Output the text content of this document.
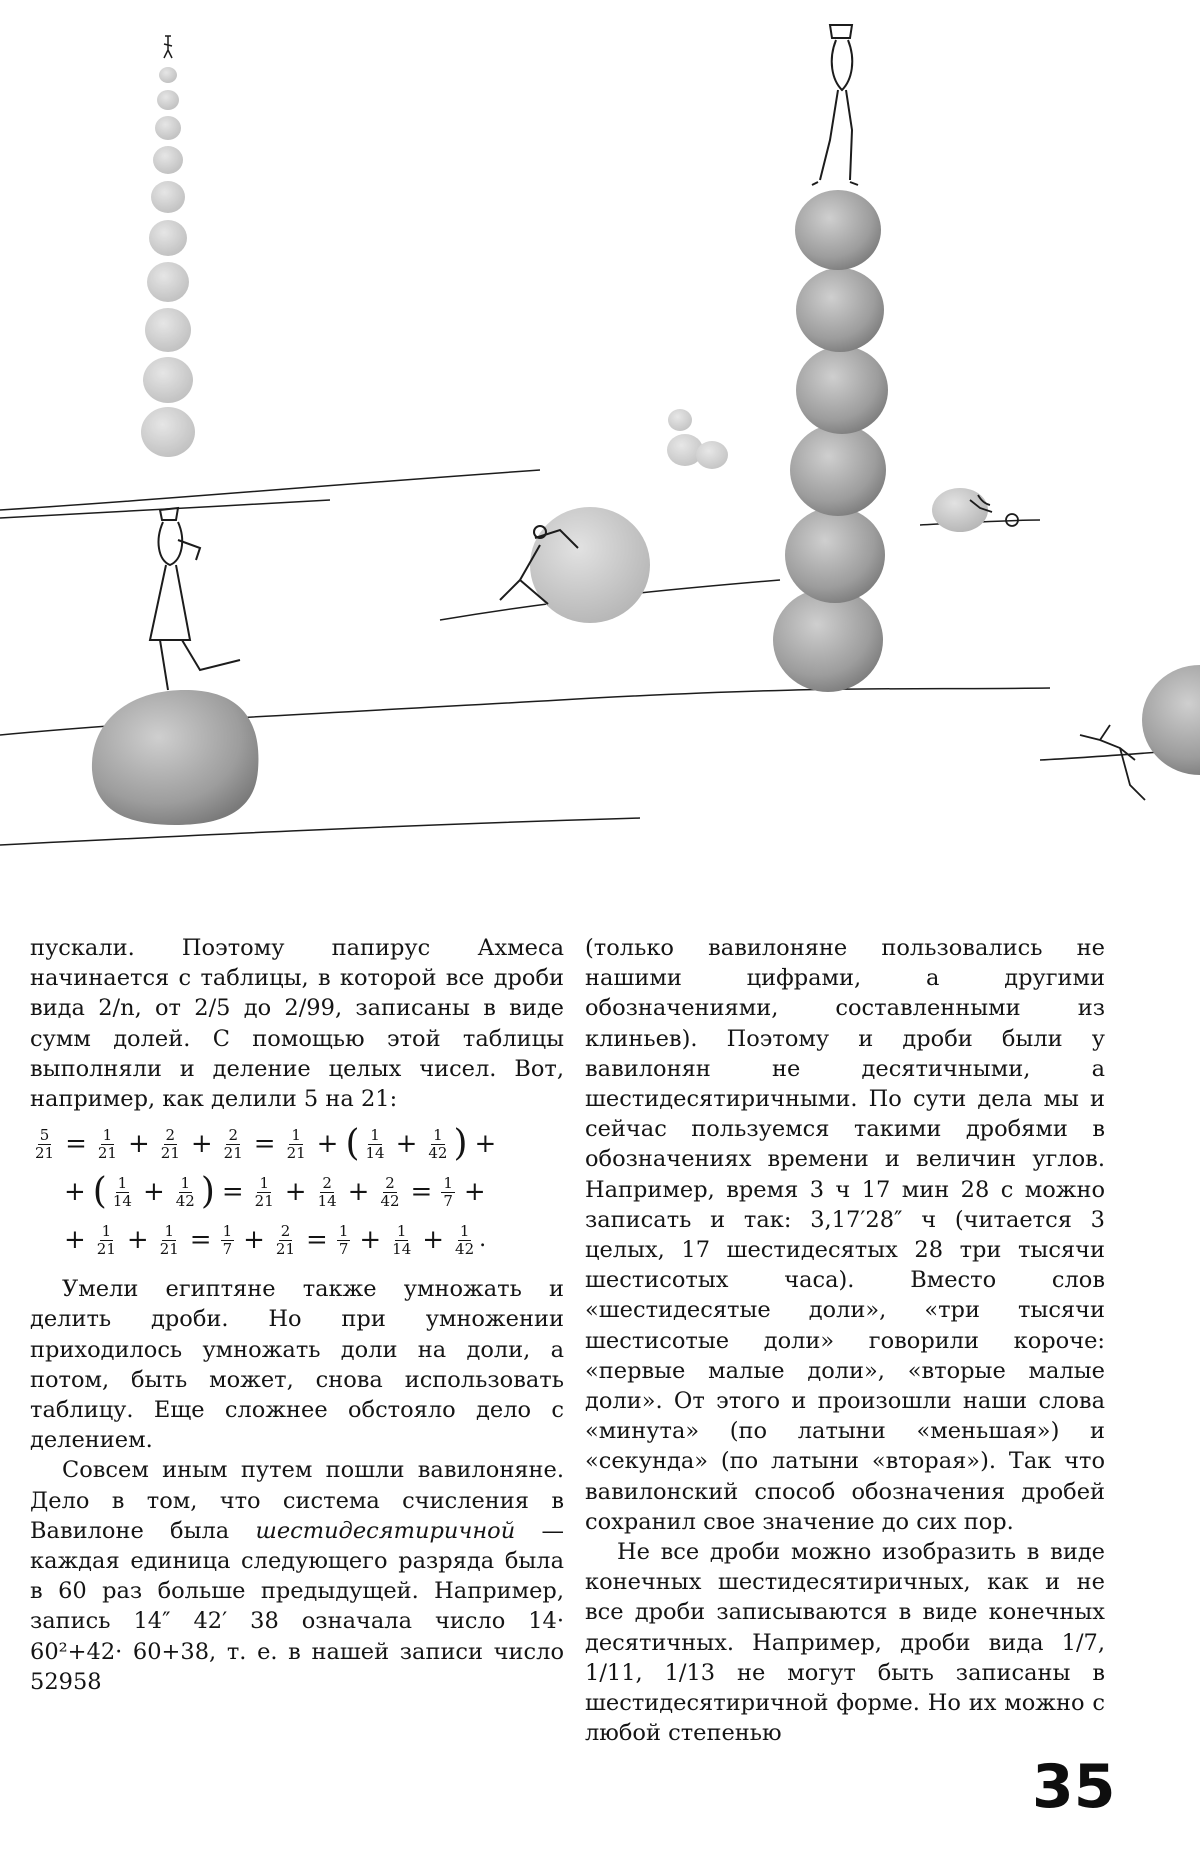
пускали. Поэтому папирус Ахмеса начинается с таблицы, в которой все дроби вида 2/n, от 2/5 до 2/99, записаны в виде сумм долей. С помощью этой таблицы выполняли и деление целых чисел. Вот, например, как делили 5 на 21:

$\frac{5}{21} = \frac{1}{21} + \frac{2}{21} + \frac{2}{21} = \frac{1}{21}$ + ( $\frac{1}{14} + \frac{1}{42}$ ) +
+ ( $\frac{1}{14} + \frac{1}{42}$ ) = $\frac{1}{21} + \frac{2}{14} + \frac{2}{42} = \frac{1}{7}$ +
+ $\frac{1}{21} + \frac{1}{21} = \frac{1}{7} + \frac{2}{21} = \frac{1}{7} + \frac{1}{14} + \frac{1}{42}$ .

Умели египтяне также умножать и делить дроби. Но при умножении приходилось умножать доли на доли, а потом, быть может, снова использовать таблицу. Еще сложнее обстояло дело с делением.

Совсем иным путем пошли вавилоняне. Дело в том, что система счисления в Вавилоне была шестидесятиричной — каждая единица следующего разряда была в 60 раз больше предыдущей. Например, запись 14″ 42′ 38 означала число 14· 60²+42· 60+38, т. е. в нашей записи число 52958

(только вавилоняне пользовались не нашими цифрами, а другими обозначениями, составленными из клиньев). Поэтому и дроби были у вавилонян не десятичными, а шестидесятиричными. По сути дела мы и сейчас пользуемся такими дробями в обозначениях времени и величин углов. Например, время 3 ч 17 мин 28 с можно записать и так: 3,17′28″ ч (читается 3 целых, 17 шестидесятых 28 три тысячи шестисотых часа). Вместо слов «шестидесятые доли», «три тысячи шестисотые доли» говорили короче: «первые малые доли», «вторые малые доли». От этого и произошли наши слова «минута» (по латыни «меньшая») и «секунда» (по латыни «вторая»). Так что вавилонский способ обозначения дробей сохранил свое значение до сих пор.

Не все дроби можно изобразить в виде конечных шестидесятиричных, как и не все дроби записываются в виде конечных десятичных. Например, дроби вида 1/7, 1/11, 1/13 не могут быть записаны в шестидесятиричной форме. Но их можно с любой степенью

35
